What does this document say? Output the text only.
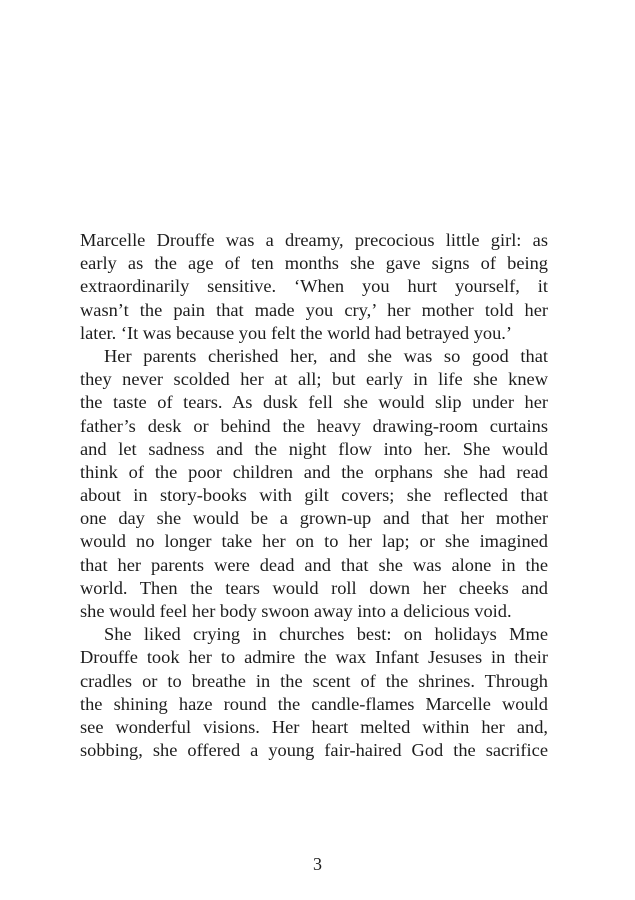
Marcelle Drouffe was a dreamy, precocious little girl: as
early as the age of ten months she gave signs of being
extraordinarily sensitive. ‘When you hurt yourself, it
wasn’t the pain that made you cry,’ her mother told her
later. ‘It was because you felt the world had betrayed you.’
Her parents cherished her, and she was so good that
they never scolded her at all; but early in life she knew
the taste of tears. As dusk fell she would slip under her
father’s desk or behind the heavy drawing-room curtains
and let sadness and the night flow into her. She would
think of the poor children and the orphans she had read
about in story-books with gilt covers; she reflected that
one day she would be a grown-up and that her mother
would no longer take her on to her lap; or she imagined
that her parents were dead and that she was alone in the
world. Then the tears would roll down her cheeks and
she would feel her body swoon away into a delicious void.
She liked crying in churches best: on holidays Mme
Drouffe took her to admire the wax Infant Jesuses in their
cradles or to breathe in the scent of the shrines. Through
the shining haze round the candle-flames Marcelle would
see wonderful visions. Her heart melted within her and,
sobbing, she offered a young fair-haired God the sacrifice
3
